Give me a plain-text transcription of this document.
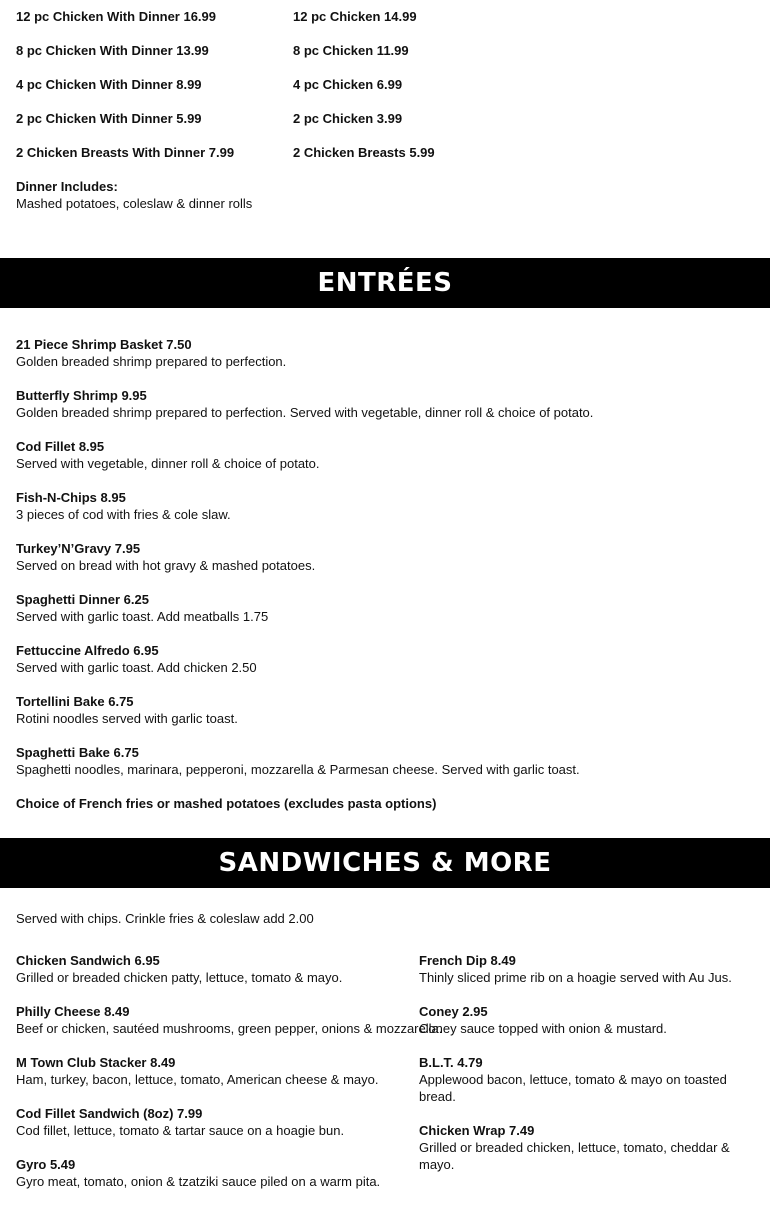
12 pc Chicken With Dinner 16.99
8 pc Chicken With Dinner 13.99
4 pc Chicken With Dinner 8.99
2 pc Chicken With Dinner 5.99
2 Chicken Breasts With Dinner 7.99
Dinner Includes:
Mashed potatoes, coleslaw & dinner rolls
12 pc Chicken 14.99
8 pc Chicken 11.99
4 pc Chicken 6.99
2 pc Chicken 3.99
2 Chicken Breasts 5.99
ENTRÉES
21 Piece Shrimp Basket 7.50
Golden breaded shrimp prepared to perfection.
Butterfly Shrimp 9.95
Golden breaded shrimp prepared to perfection. Served with vegetable, dinner roll & choice of potato.
Cod Fillet 8.95
Served with vegetable, dinner roll & choice of potato.
Fish-N-Chips 8.95
3 pieces of cod with fries & cole slaw.
Turkey’N’Gravy 7.95
Served on bread with hot gravy & mashed potatoes.
Spaghetti Dinner 6.25
Served with garlic toast. Add meatballs 1.75
Fettuccine Alfredo 6.95
Served with garlic toast. Add chicken 2.50
Tortellini Bake 6.75
Rotini noodles served with garlic toast.
Spaghetti Bake 6.75
Spaghetti noodles, marinara, pepperoni, mozzarella & Parmesan cheese. Served with garlic toast.
Choice of French fries or mashed potatoes (excludes pasta options)
SANDWICHES & MORE
Served with chips. Crinkle fries & coleslaw add 2.00
Chicken Sandwich 6.95
Grilled or breaded chicken patty, lettuce, tomato & mayo.
Philly Cheese 8.49
Beef or chicken, sautéed mushrooms, green pepper, onions & mozzarella.
M Town Club Stacker 8.49
Ham, turkey, bacon, lettuce, tomato, American cheese & mayo.
Cod Fillet Sandwich (8oz) 7.99
Cod fillet, lettuce, tomato & tartar sauce on a hoagie bun.
Gyro 5.49
Gyro meat, tomato, onion & tzatziki sauce piled on a warm pita.
French Dip 8.49
Thinly sliced prime rib on a hoagie served with Au Jus.
Coney 2.95
Coney sauce topped with onion & mustard.
B.L.T. 4.79
Applewood bacon, lettuce, tomato & mayo on toasted bread.
Chicken Wrap 7.49
Grilled or breaded chicken, lettuce, tomato, cheddar & mayo.
